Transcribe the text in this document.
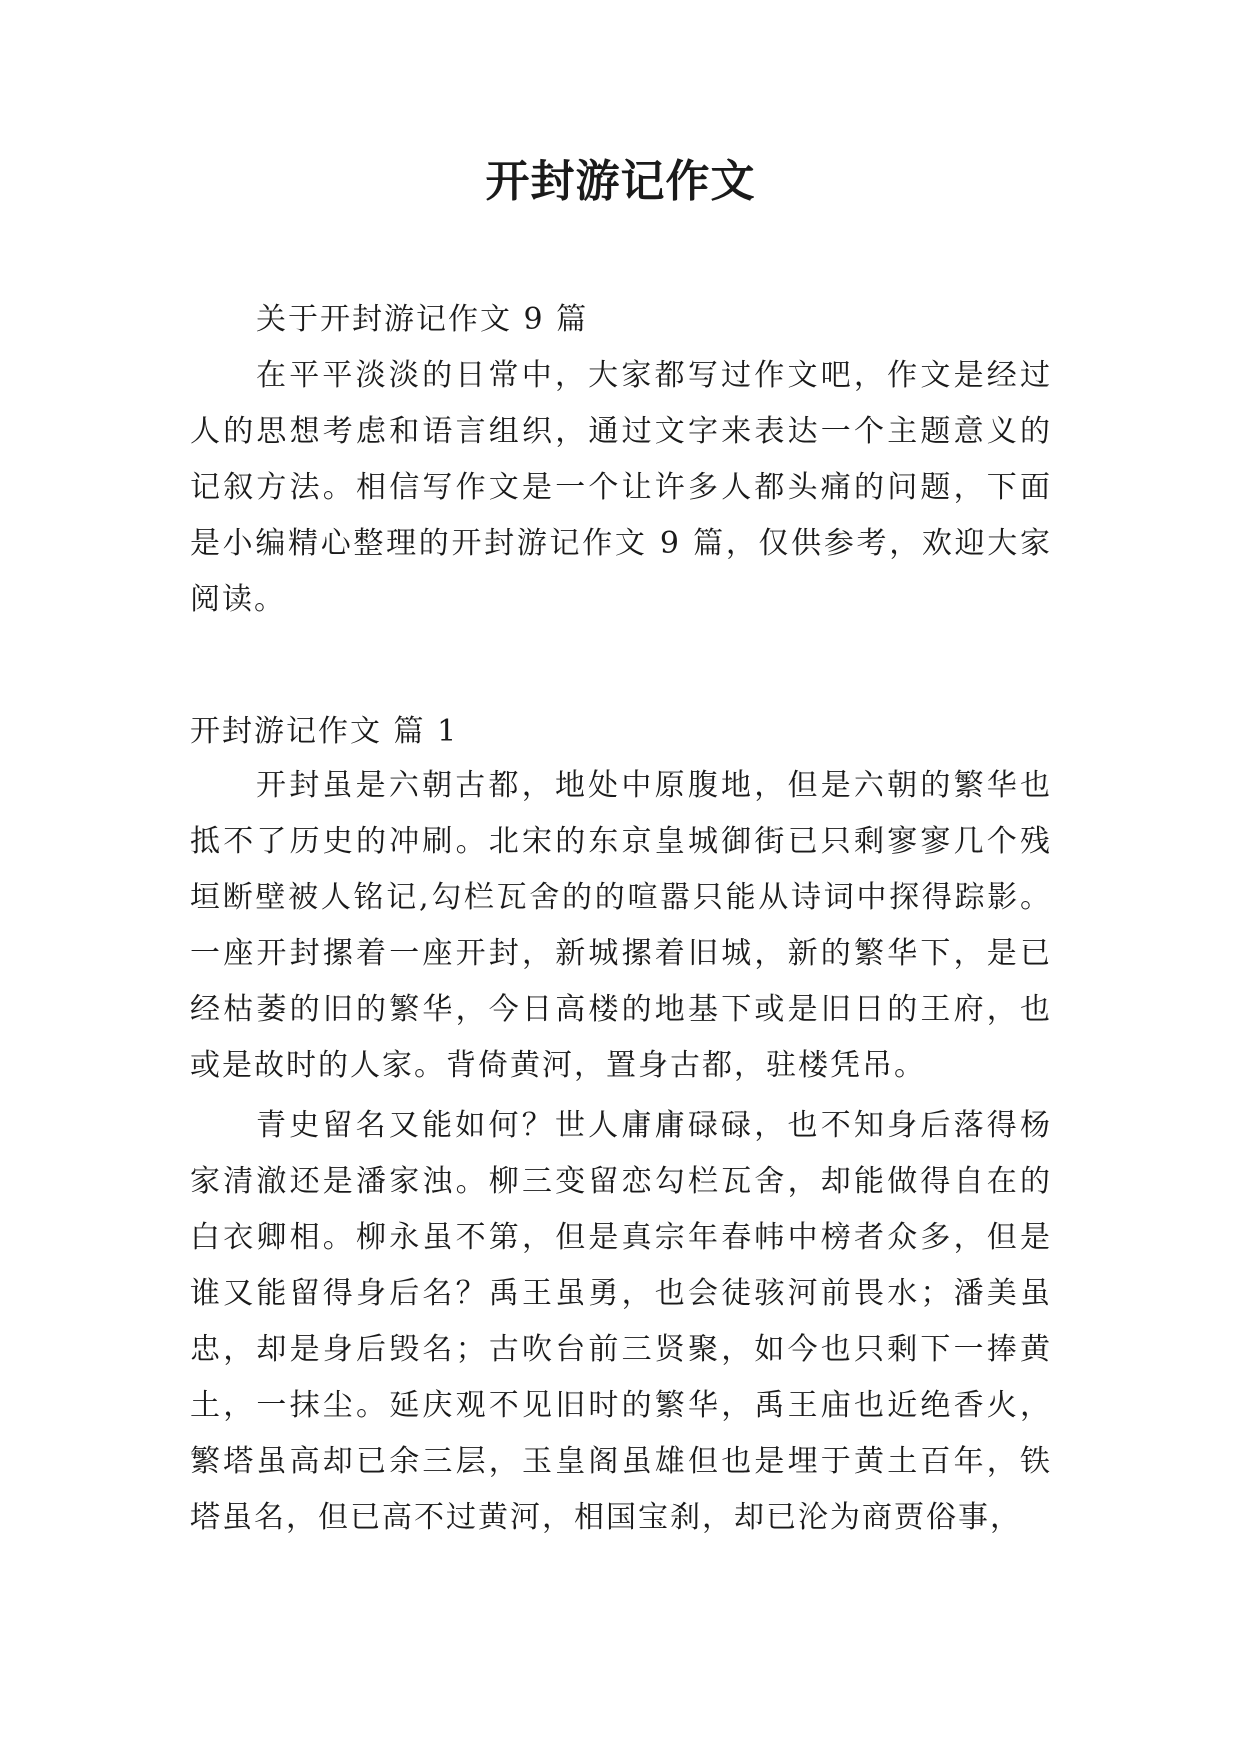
开封游记作文

关于开封游记作文 9 篇

在平平淡淡的日常中，大家都写过作文吧，作文是经过人的思想考虑和语言组织，通过文字来表达一个主题意义的记叙方法。相信写作文是一个让许多人都头痛的问题，下面是小编精心整理的开封游记作文 9 篇，仅供参考，欢迎大家阅读。

开封游记作文 篇 1

开封虽是六朝古都，地处中原腹地，但是六朝的繁华也抵不了历史的冲刷。北宋的东京皇城御街已只剩寥寥几个残垣断壁被人铭记,勾栏瓦舍的的喧嚣只能从诗词中探得踪影。一座开封摞着一座开封，新城摞着旧城，新的繁华下，是已经枯萎的旧的繁华，今日高楼的地基下或是旧日的王府，也或是故时的人家。背倚黄河，置身古都，驻楼凭吊。

青史留名又能如何？世人庸庸碌碌，也不知身后落得杨家清澈还是潘家浊。柳三变留恋勾栏瓦舍，却能做得自在的白衣卿相。柳永虽不第，但是真宗年春帏中榜者众多，但是谁又能留得身后名？禹王虽勇，也会徒骇河前畏水；潘美虽忠，却是身后毁名；古吹台前三贤聚，如今也只剩下一捧黄土，一抹尘。延庆观不见旧时的繁华，禹王庙也近绝香火，繁塔虽高却已余三层，玉皇阁虽雄但也是埋于黄土百年，铁塔虽名，但已高不过黄河，相国宝刹，却已沦为商贾俗事，
